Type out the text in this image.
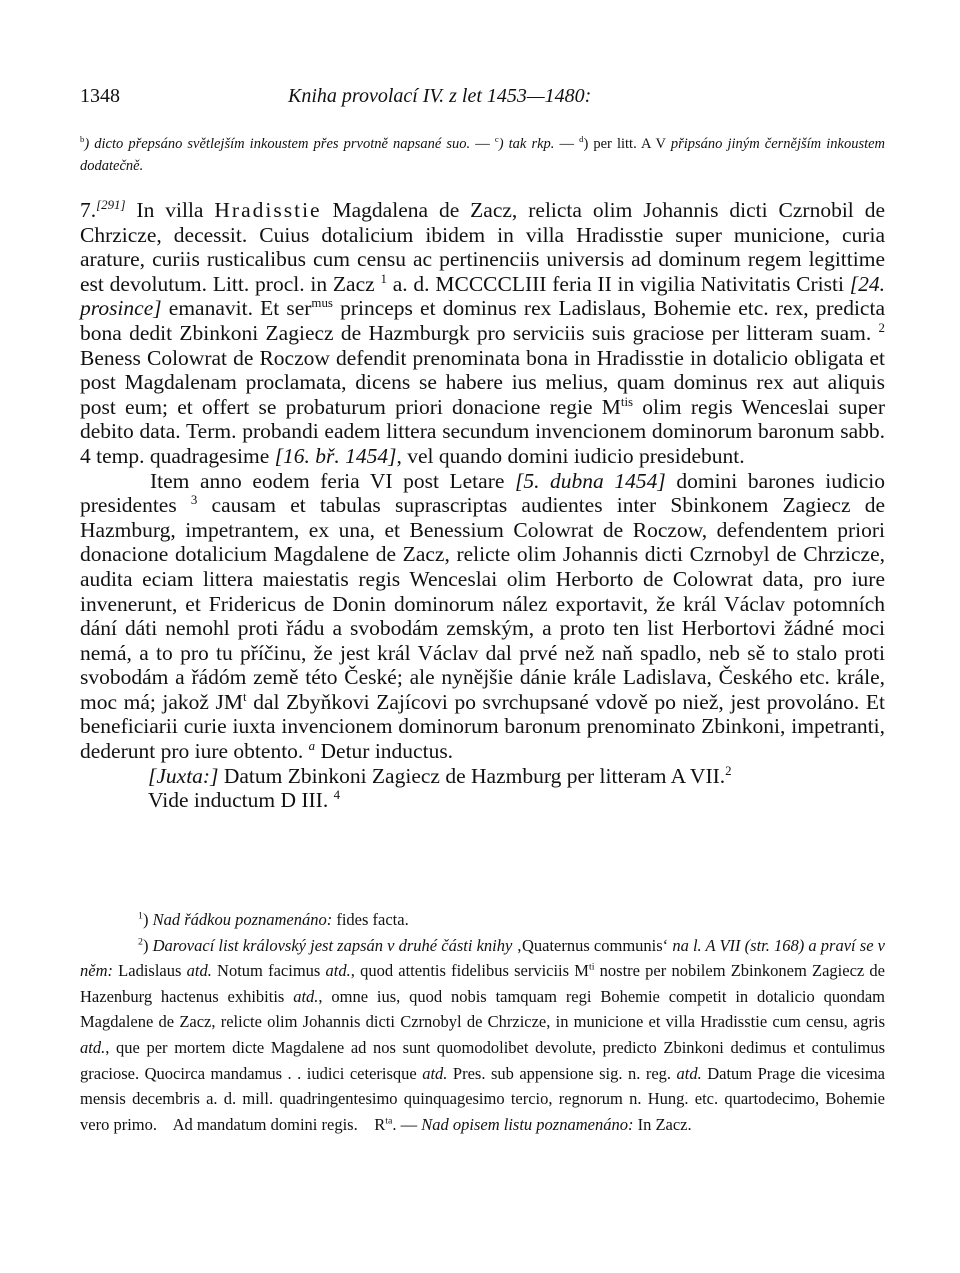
1348	Kniha provolací IV. z let 1453—1480:
$^b$) dicto přepsáno světlejším inkoustem přes prvotně napsané suo. — $^c$) tak rkp. — $^d$) per litt. A V připsáno jiným černějším inkoustem dodatečně.

7.[291] In villa Hradisstie Magdalena de Zacz, relicta olim Johannis dicti Czrnobil de Chrzicze, decessit. Cuius dotalicium ibidem in villa Hradisstie super municione, curia arature, curiis rusticalibus cum censu ac pertinenciis universis ad dominum regem legittime est devolutum. Litt. procl. in Zacz $^1$ a. d. MCCCCLIII feria II in vigilia Nativitatis Cristi [24. prosince] emanavit. Et ser$^{mus}$ princeps et dominus rex Ladislaus, Bohemie etc. rex, predicta bona dedit Zbinkoni Zagiecz de Hazmburgk pro serviciis suis graciose per litteram suam. $^2$ Beness Colowrat de Roczow defendit prenominata bona in Hradisstie in dotalicio obligata et post Magdalenam proclamata, dicens se habere ius melius, quam dominus rex aut aliquis post eum; et offert se probaturum priori donacione regie $M^{tis}$ olim regis Wenceslai super debito data. Term. probandi eadem littera secundum invencionem dominorum baronum sabb. 4 temp. quadragesime [16. bř. 1454], vel quando domini iudicio presidebunt.

Item anno eodem feria VI post Letare [5. dubna 1454] domini barones iudicio presidentes $^3$ causam et tabulas suprascriptas audientes inter Sbinkonem Zagiecz de Hazmburg, impetrantem, ex una, et Benessium Colowrat de Roczow, defendentem priori donacione dotalicium Magdalene de Zacz, relicte olim Johannis dicti Czrnobyl de Chrzicze, audita eciam littera maiestatis regis Wenceslai olim Herborto de Colowrat data, pro iure invenerunt, et Fridericus de Donin dominorum nález exportavit, že král Václav potomních dání dáti nemohl proti řádu a svobodám zemským, a proto ten list Herbortovi žádné moci nemá, a to pro tu příčinu, že jest král Václav dal prvé než naň spadlo, neb sě to stalo proti svobodám a řádóm země této České; ale nynějšie dánie krále Ladislava, Českého etc. krále, moc má; jakož $JM^t$ dal Zbyňkovi Zajícovi po svrchupsané vdově po niež, jest provoláno. Et beneficiarii curie iuxta invencionem dominorum baronum prenominato Zbinkoni, impetranti, dederunt pro iure obtento. $^a$ Detur inductus.

[Juxta:] Datum Zbinkoni Zagiecz de Hazmburg per litteram A VII.$^2$

Vide inductum D III. $^4$

$^1$) Nad řádkou poznamenáno: fides facta.

$^2$) Darovací list královský jest zapsán v druhé části knihy ‚Quaternus communis‘ na l. A VII (str. 168) a praví se v něm: Ladislaus atd. Notum facimus atd., quod attentis fidelibus serviciis $M^{ti}$ nostre per nobilem Zbinkonem Zagiecz de Hazenburg hactenus exhibitis atd., omne ius, quod nobis tamquam regi Bohemie competit in dotalicio quondam Magdalene de Zacz, relicte olim Johannis dicti Czrnobyl de Chrzicze, in municione et villa Hradisstie cum censu, agris atd., que per mortem dicte Magdalene ad nos sunt quomodolibet devolute, predicto Zbinkoni dedimus et contulimus graciose. Quocirca mandamus . . iudici ceterisque atd. Pres. sub appensione sig. n. reg. atd. Datum Prage die vicesima mensis decembris a. d. mill. quadringentesimo quinquagesimo tercio, regnorum n. Hung. etc. quartodecimo, Bohemie vero primo.    Ad mandatum domini regis.    $R^{ta}$. — Nad opisem listu poznamenáno: In Zacz.
